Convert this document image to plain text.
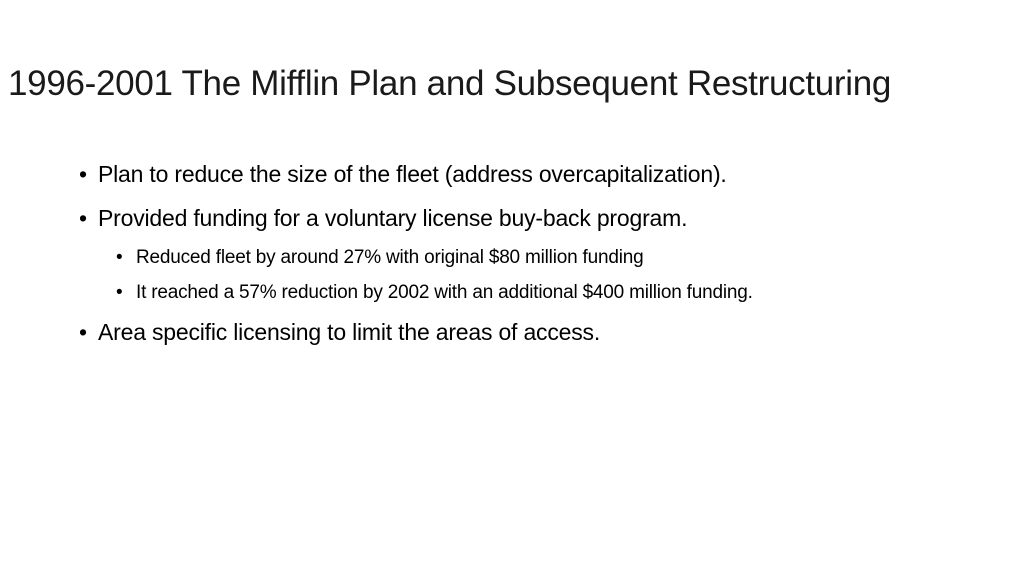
1996-2001 The Mifflin Plan and Subsequent Restructuring
• Plan to reduce the size of the fleet (address overcapitalization).
• Provided funding for a voluntary license buy-back program.
• Reduced fleet by around 27% with original $80 million funding
• It reached a 57% reduction by 2002 with an additional $400 million funding.
• Area specific licensing to limit the areas of access.
